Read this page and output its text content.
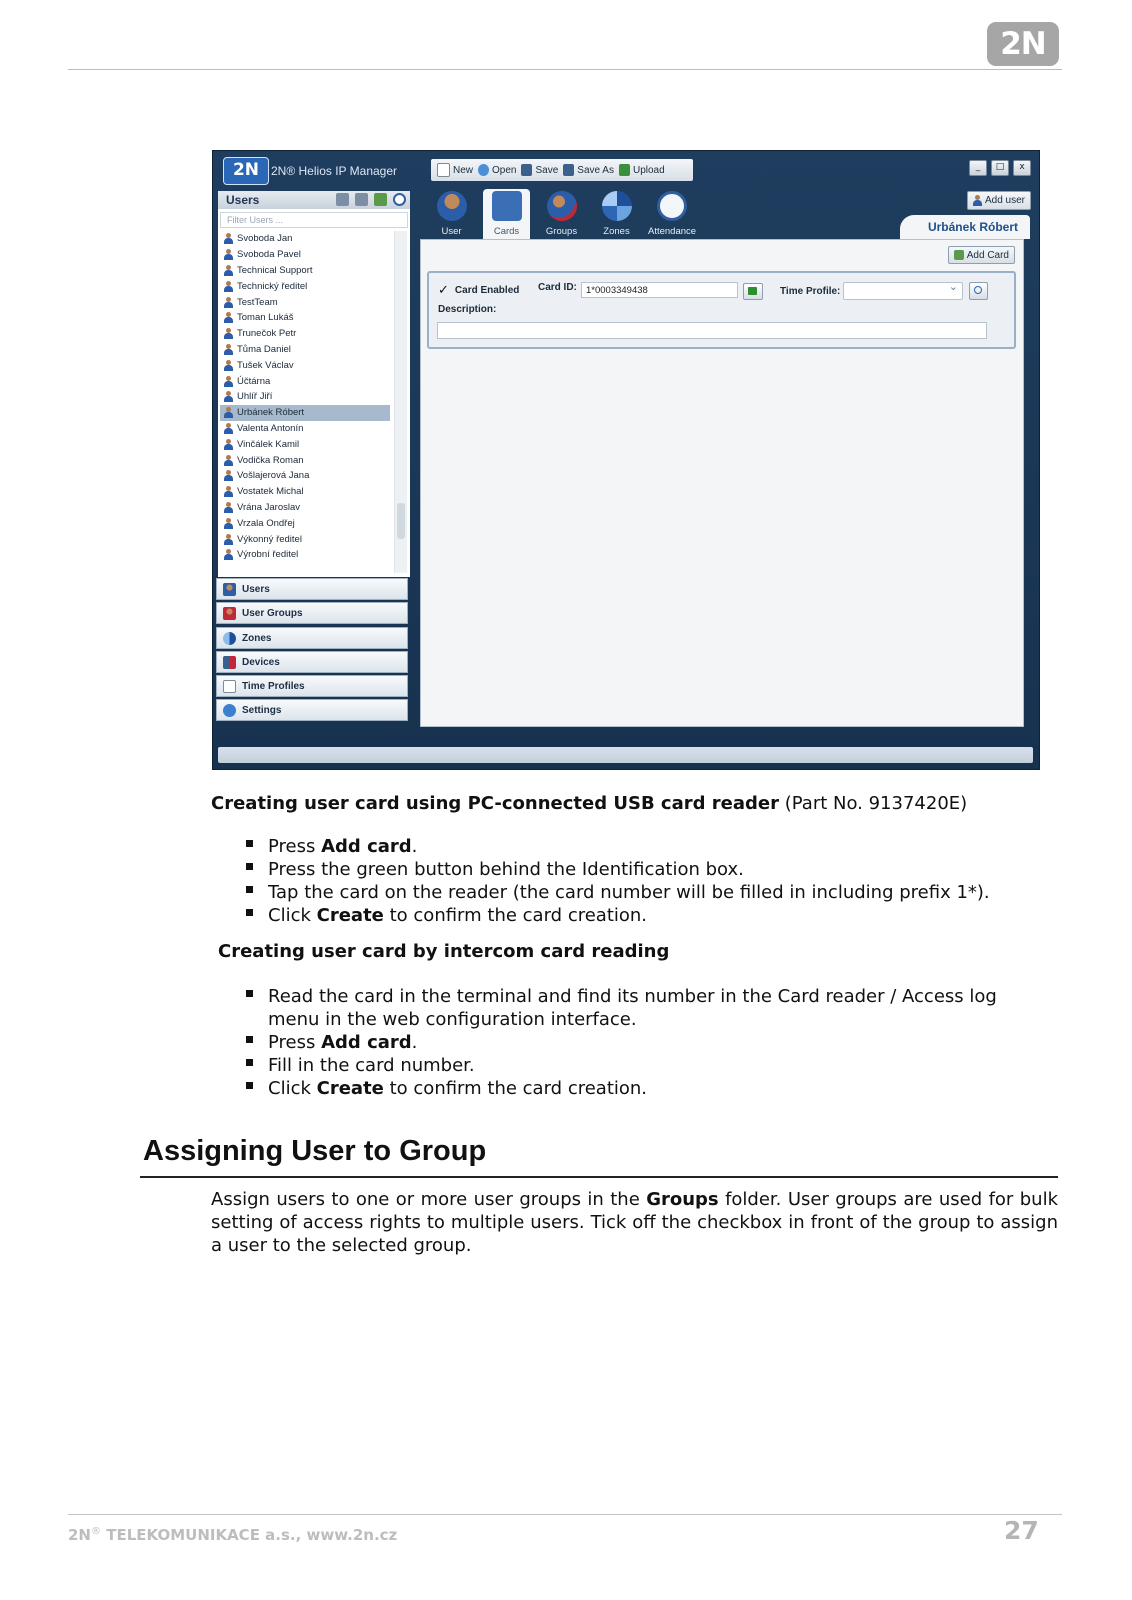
2N
2N 2N® Helios IP Manager	New Open Save Save As Upload	_	□	x
Add user
User	Cards	Groups	Zones	Attendance	Urbánek Róbert
Users
Filter Users ...
Svoboda Jan
Svoboda Pavel
Technical Support
Technický ředitel
TestTeam
Toman Lukáš
Trunečok Petr
Tůma Daniel
Tušek Václav
Účtárna
Uhlíř Jiří
Urbánek Róbert
Valenta Antonín
Vinčálek Kamil
Vodička Roman
Vošlajerová Jana
Vostatek Michal
Vrána Jaroslav
Vrzala Ondřej
Výkonný ředitel
Výrobní ředitel
Users
User Groups
Zones
Devices
Time Profiles
Settings
Add Card
✓ Card Enabled Card ID: 1*0003349438	Time Profile:
⌄
Description:
Creating user card using PC-connected USB card reader (Part No. 9137420E)
Press Add card.
Press the green button behind the Identification box.
Tap the card on the reader (the card number will be filled in including prefix 1*).
Click Create to confirm the card creation.
Creating user card by intercom card reading
Read the card in the terminal and find its number in the Card reader / Access log
menu in the web configuration interface.
Press Add card.
Fill in the card number.
Click Create to confirm the card creation.
Assigning User to Group
Assign users to one or more user groups in the Groups folder. User groups are used for bulk setting of access rights to multiple users. Tick off the checkbox in front of the group to assign a user to the selected group.
2N® TELEKOMUNIKACE a.s., www.2n.cz	27
